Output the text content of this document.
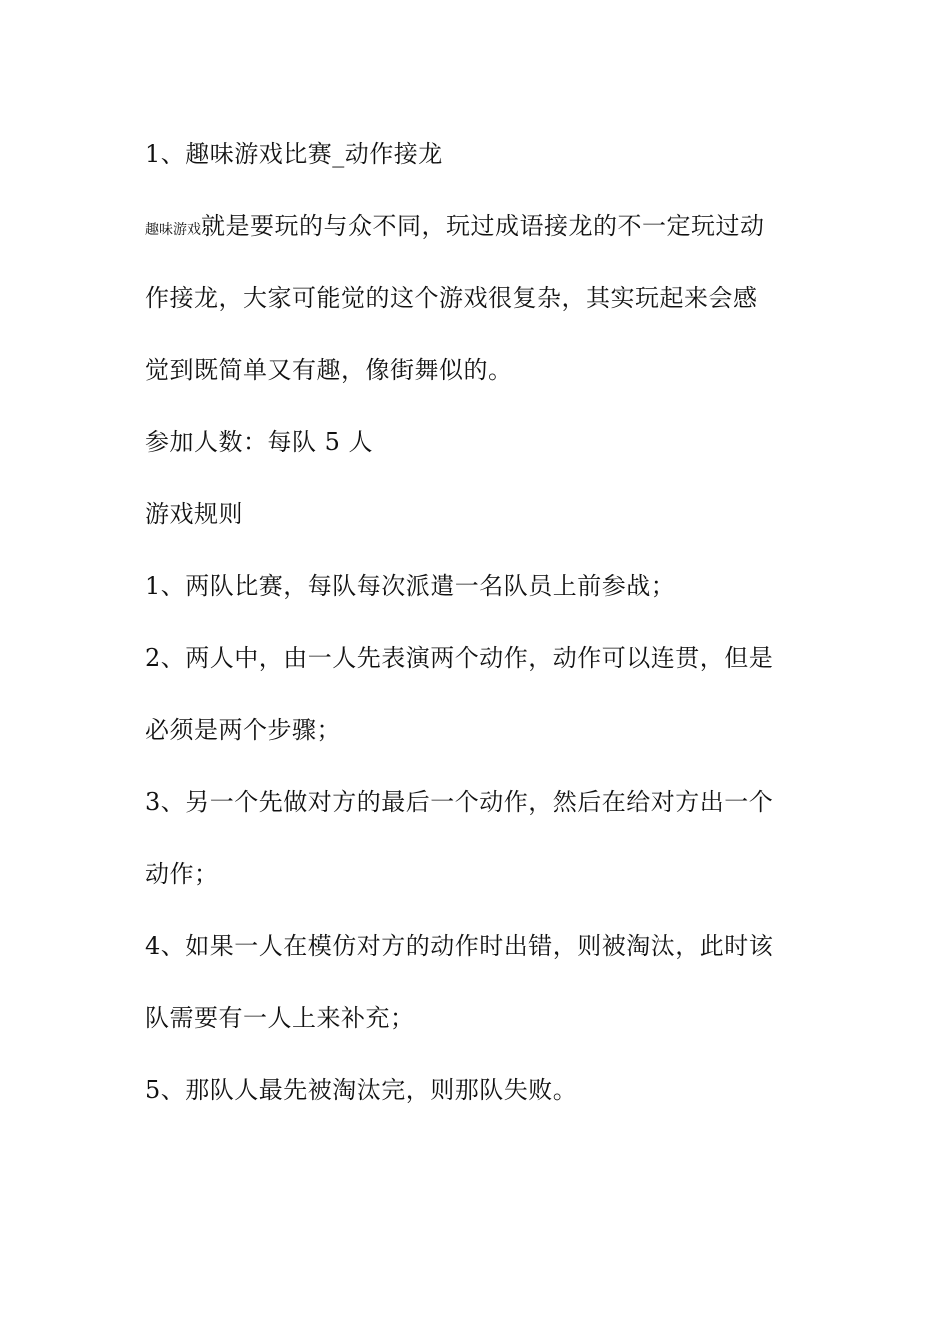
1、趣味游戏比赛_动作接龙
趣味游戏就是要玩的与众不同，玩过成语接龙的不一定玩过动
作接龙，大家可能觉的这个游戏很复杂，其实玩起来会感
觉到既简单又有趣，像街舞似的。
参加人数：每队 5 人
游戏规则
1、两队比赛，每队每次派遣一名队员上前参战；
2、两人中，由一人先表演两个动作，动作可以连贯，但是
必须是两个步骤；
3、另一个先做对方的最后一个动作，然后在给对方出一个
动作；
4、如果一人在模仿对方的动作时出错，则被淘汰，此时该
队需要有一人上来补充；
5、那队人最先被淘汰完，则那队失败。
